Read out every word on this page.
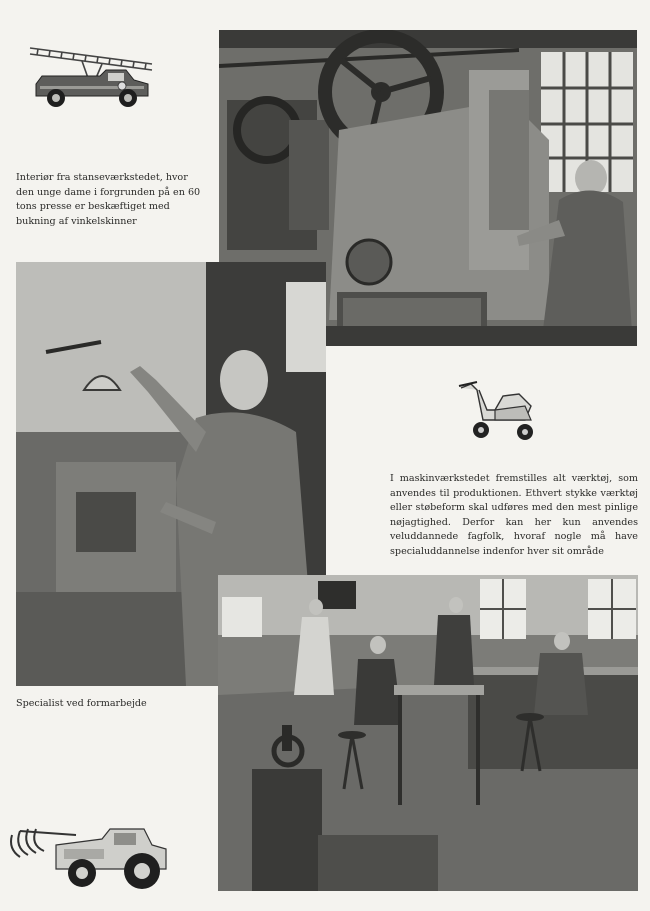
Interiør fra stanseværkstedet, hvor den unge dame i forgrunden på en 60 tons presse er beskæftiget med bukning af vinkelskinner

I maskinværkstedet fremstilles alt værktøj, som anvendes til produktionen. Ethvert stykke værktøj eller støbeform skal udføres med den mest pinlige nøjagtighed. Derfor kan her kun anvendes veluddannede fagfolk, hvoraf nogle må have specialuddannelse indenfor hver sit område

Specialist ved formarbejde
